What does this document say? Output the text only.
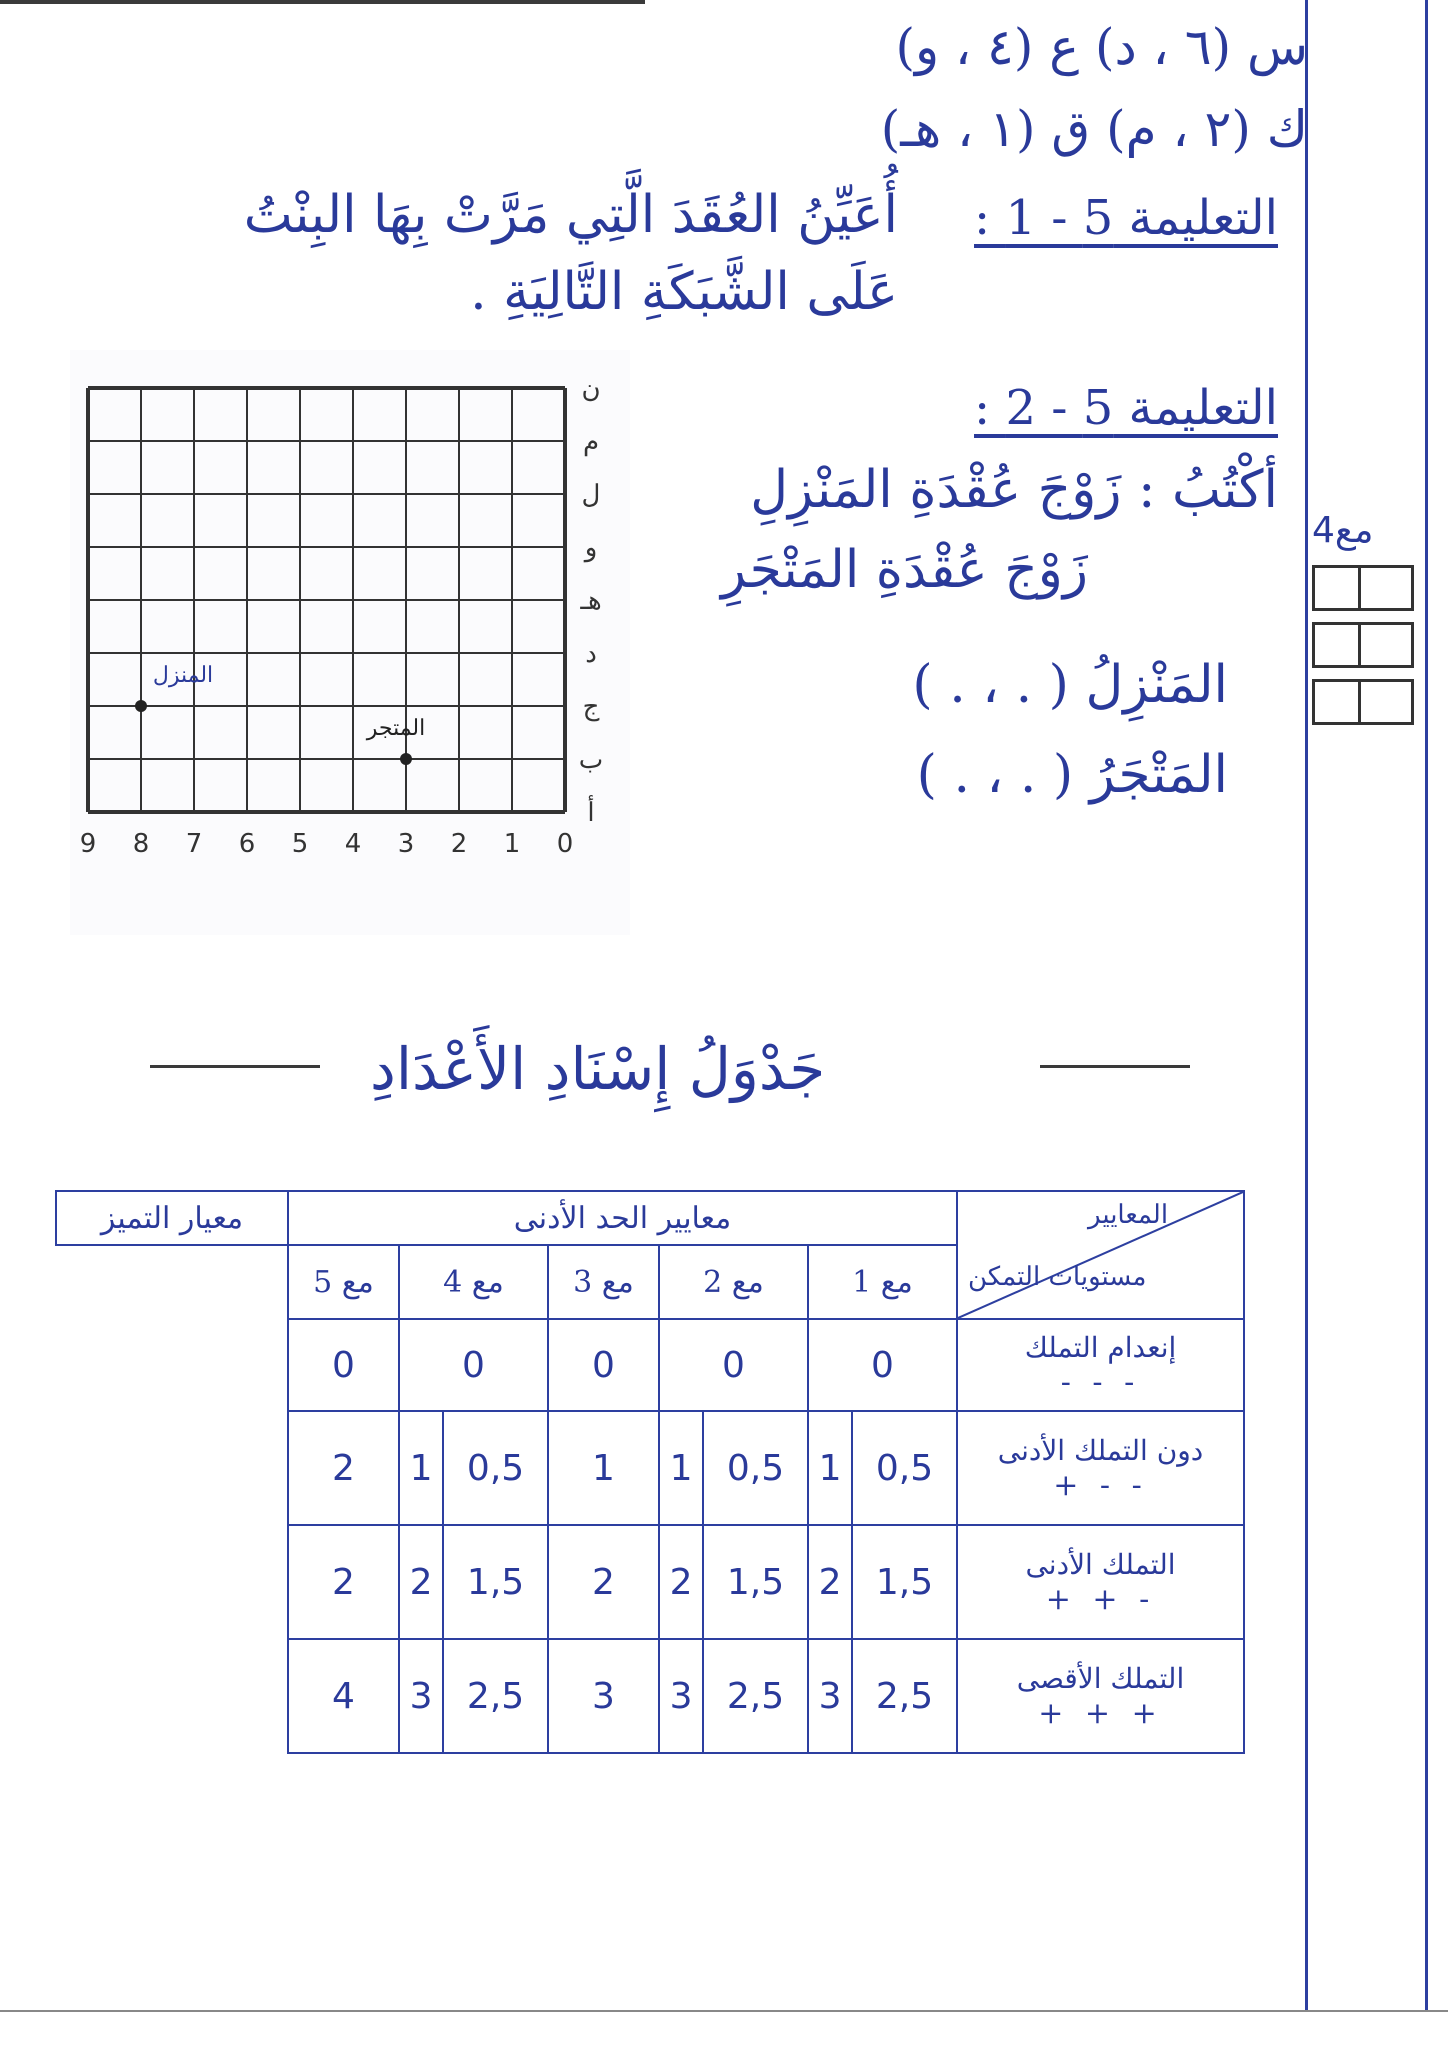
س (٦ ، د) ع (٤ ، و)
ك (٢ ، م) ق (١ ، هـ)
التعليمة 5 - 1 :
أُعَيِّنُ العُقَدَ الَّتِي مَرَّتْ بِهَا البِنْتُ
عَلَى الشَّبَكَةِ التَّالِيَةِ .
0
1
2
3
4
5
6
7
8
9
أ
ب
ج
د
هـ
و
ل
م
ن
المنزل
المتجر
التعليمة 5 - 2 :
أكْتُبُ : زَوْجَ عُقْدَةِ المَنْزِلِ
زَوْجَ عُقْدَةِ المَتْجَرِ
المَنْزِلُ ( . ، . )
المَتْجَرُ ( . ، . )
مع4
جَدْوَلُ إِسْنَادِ الأَعْدَادِ
المعايير
مستويات التمكن	معايير الحد الأدنى								معيار التميز
	مع 1		مع 2		مع 3	مع 4		مع 5	

إنعدام التملك
- - -	0		0		0	0		0	

دون التملك الأدنى
+ - -	0,5	1	0,5	1	1	0,5	1	2	

التملك الأدنى
+ + -	1,5	2	1,5	2	2	1,5	2	2	

التملك الأقصى
+ + +	2,5	3	2,5	3	3	2,5	3	4	
